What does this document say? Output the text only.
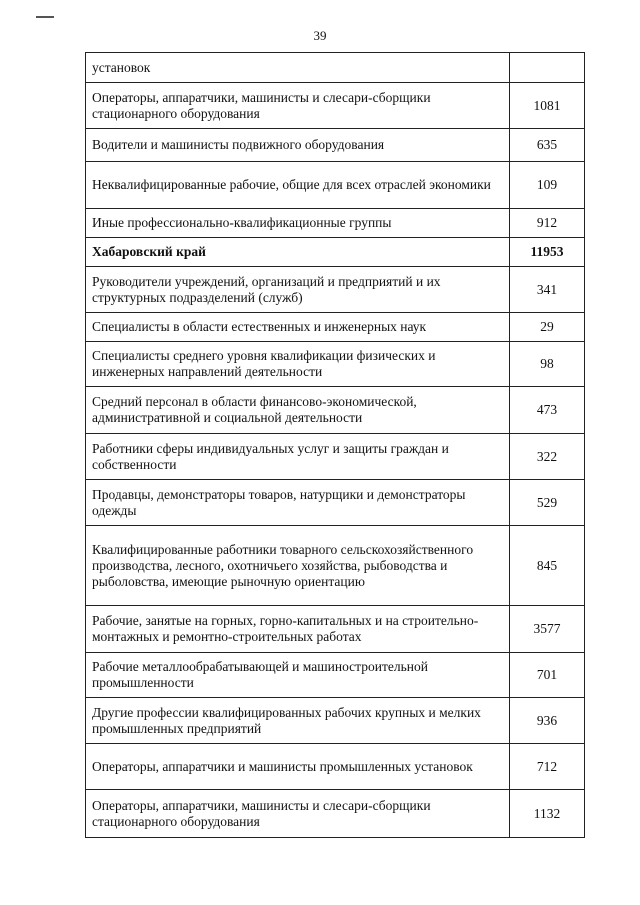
39
установок	
Операторы, аппаратчики, машинисты и слесари-сборщики стационарного оборудования	1081
Водители и машинисты подвижного оборудования	635
Неквалифицированные рабочие, общие для всех отраслей экономики	109
Иные профессионально-квалификационные группы	912
Хабаровский край	11953
Руководители учреждений, организаций и предприятий и их структурных подразделений (служб)	341
Специалисты в области естественных и инженерных наук	29
Специалисты среднего уровня квалификации физических и инженерных направлений деятельности	98
Средний персонал в области финансово-экономической, административной и социальной деятельности	473
Работники сферы индивидуальных услуг и защиты граждан и собственности	322
Продавцы, демонстраторы товаров, натурщики и демонстраторы одежды	529
Квалифицированные работники товарного сельскохозяйственного производства, лесного, охотничьего хозяйства, рыбоводства и рыболовства, имеющие рыночную ориентацию	845
Рабочие, занятые на горных, горно-капитальных и на строительно-монтажных и ремонтно-строительных работах	3577
Рабочие металлообрабатывающей и машиностроительной промышленности	701
Другие профессии квалифицированных рабочих крупных и мелких промышленных предприятий	936
Операторы, аппаратчики и машинисты промышленных установок	712
Операторы, аппаратчики, машинисты и слесари-сборщики стационарного оборудования	1132
